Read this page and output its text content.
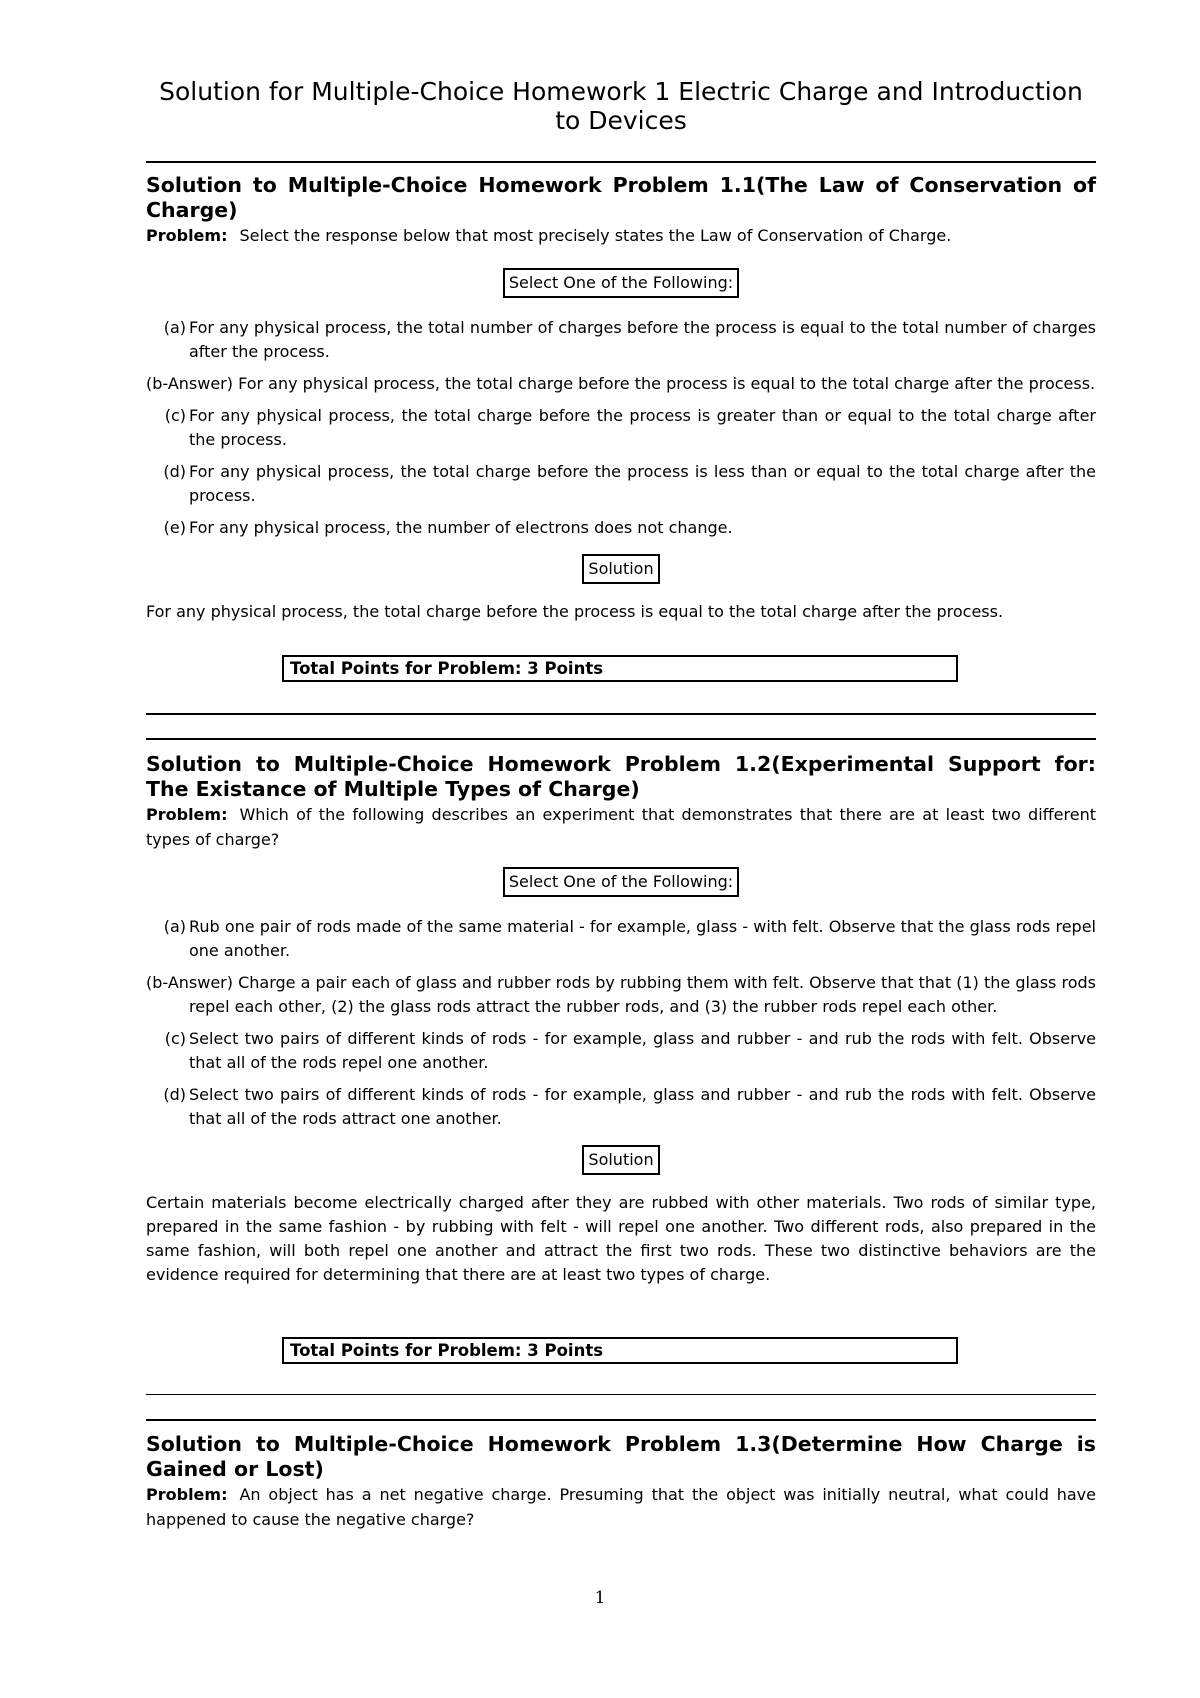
Solution for Multiple-Choice Homework 1 Electric Charge and Introduction to Devices
Solution to Multiple-Choice Homework Problem 1.1(The Law of Conservation of Charge)

Problem: Select the response below that most precisely states the Law of Conservation of Charge.

Select One of the Following:
(a) For any physical process, the total number of charges before the process is equal to the total number of charges after the process.
(b-Answer) For any physical process, the total charge before the process is equal to the total charge after the process.
(c) For any physical process, the total charge before the process is greater than or equal to the total charge after the process.
(d) For any physical process, the total charge before the process is less than or equal to the total charge after the process.
(e) For any physical process, the number of electrons does not change.
Solution

For any physical process, the total charge before the process is equal to the total charge after the process.

Total Points for Problem: 3 Points
Solution to Multiple-Choice Homework Problem 1.2(Experimental Support for: The Existance of Multiple Types of Charge)

Problem: Which of the following describes an experiment that demonstrates that there are at least two different types of charge?

Select One of the Following:
(a) Rub one pair of rods made of the same material - for example, glass - with felt. Observe that the glass rods repel one another.
(b-Answer) Charge a pair each of glass and rubber rods by rubbing them with felt. Observe that that (1) the glass rods repel each other, (2) the glass rods attract the rubber rods, and (3) the rubber rods repel each other.
(c) Select two pairs of different kinds of rods - for example, glass and rubber - and rub the rods with felt. Observe that all of the rods repel one another.
(d) Select two pairs of different kinds of rods - for example, glass and rubber - and rub the rods with felt. Observe that all of the rods attract one another.
Solution

Certain materials become electrically charged after they are rubbed with other materials. Two rods of similar type, prepared in the same fashion - by rubbing with felt - will repel one another. Two different rods, also prepared in the same fashion, will both repel one another and attract the first two rods. These two distinctive behaviors are the evidence required for determining that there are at least two types of charge.

Total Points for Problem: 3 Points
Solution to Multiple-Choice Homework Problem 1.3(Determine How Charge is Gained or Lost)

Problem: An object has a net negative charge. Presuming that the object was initially neutral, what could have happened to cause the negative charge?

1
